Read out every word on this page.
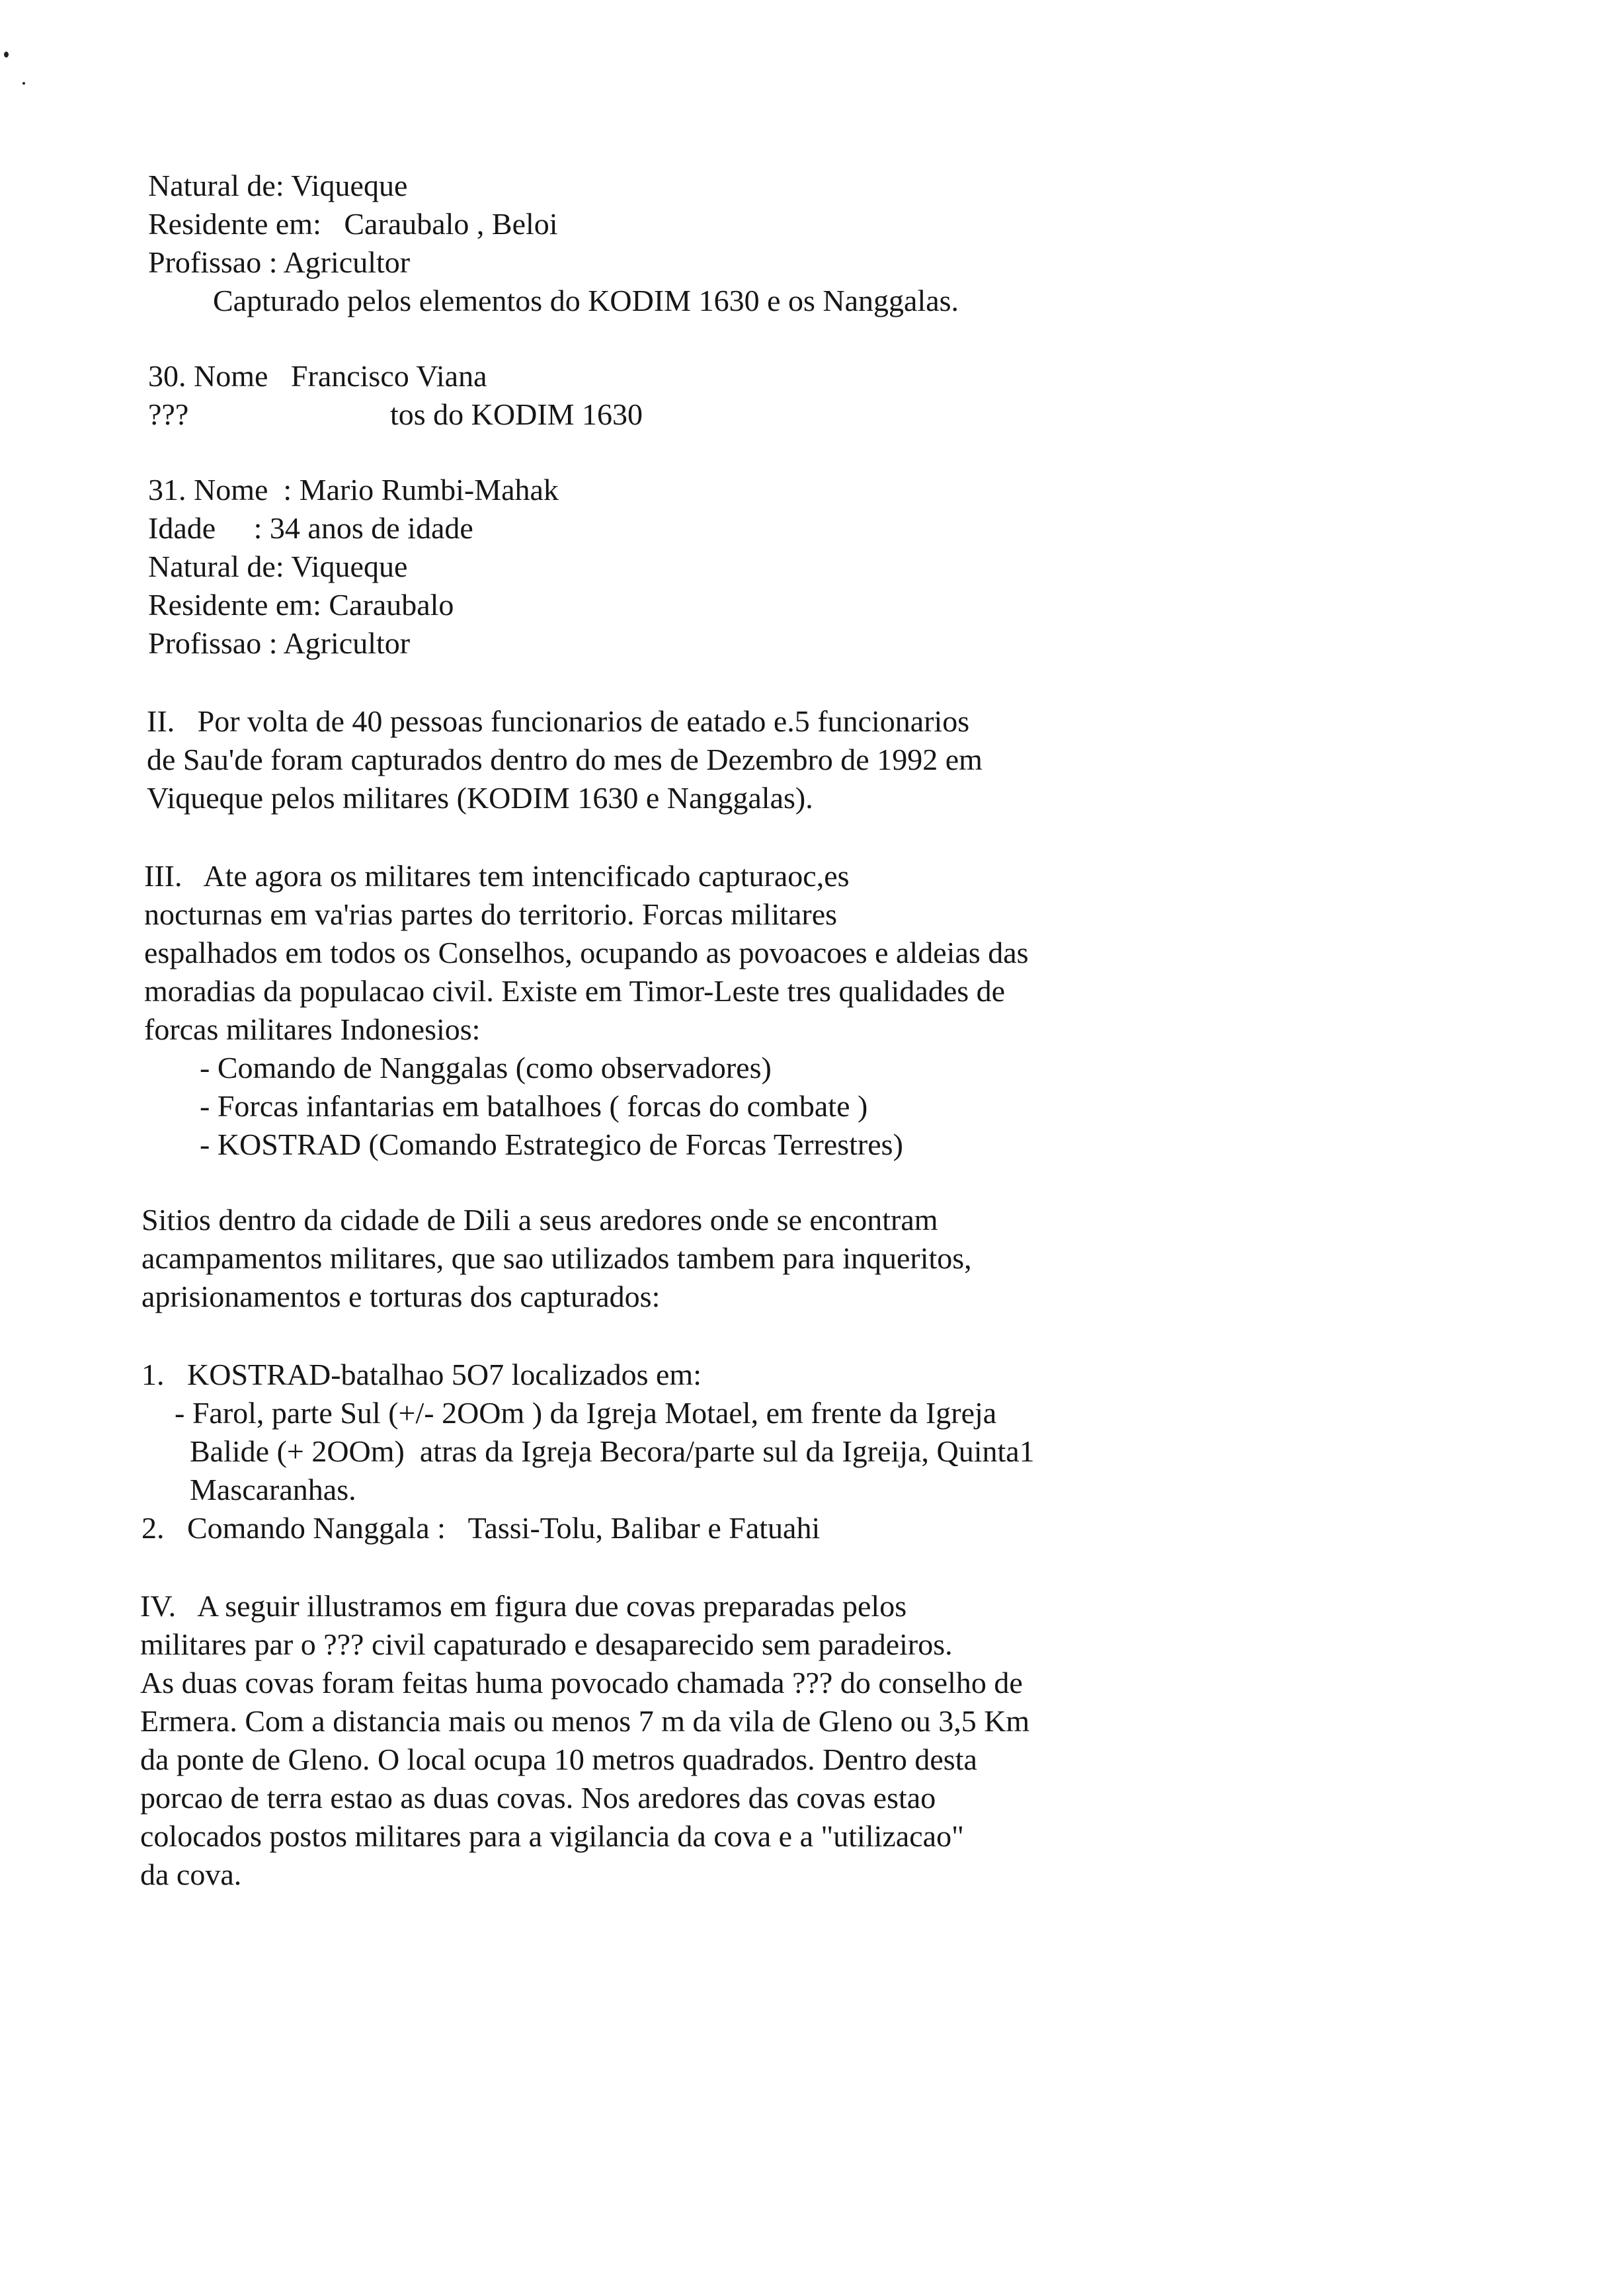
Natural de: Viqueque
Residente em:   Caraubalo , Beloi
Profissao : Agricultor
Capturado pelos elementos do KODIM 1630 e os Nanggalas.
30. Nome   Francisco Viana
???	tos do KODIM 1630
31. Nome  : Mario Rumbi-Mahak
Idade     : 34 anos de idade
Natural de: Viqueque
Residente em: Caraubalo
Profissao : Agricultor
II.   Por volta de 40 pessoas funcionarios de eatado e.5 funcionarios
de Sau'de foram capturados dentro do mes de Dezembro de 1992 em
Viqueque pelos militares (KODIM 1630 e Nanggalas).
III.   Ate agora os militares tem intencificado capturaoc,es
nocturnas em va'rias partes do territorio. Forcas militares
espalhados em todos os Conselhos, ocupando as povoacoes e aldeias das
moradias da populacao civil. Existe em Timor-Leste tres qualidades de
forcas militares Indonesios:
- Comando de Nanggalas (como observadores)
- Forcas infantarias em batalhoes ( forcas do combate )
- KOSTRAD (Comando Estrategico de Forcas Terrestres)
Sitios dentro da cidade de Dili a seus aredores onde se encontram
acampamentos militares, que sao utilizados tambem para inqueritos,
aprisionamentos e torturas dos capturados:
1.   KOSTRAD-batalhao 5O7 localizados em:
- Farol, parte Sul (+/- 2OOm ) da Igreja Motael, em frente da Igreja
Balide (+ 2OOm)  atras da Igreja Becora/parte sul da Igreija, Quinta1
Mascaranhas.
2.   Comando Nanggala :   Tassi-Tolu, Balibar e Fatuahi
IV.   A seguir illustramos em figura due covas preparadas pelos
militares par o ??? civil capaturado e desaparecido sem paradeiros.
As duas covas foram feitas huma povocado chamada ??? do conselho de
Ermera. Com a distancia mais ou menos 7 m da vila de Gleno ou 3,5 Km
da ponte de Gleno. O local ocupa 10 metros quadrados. Dentro desta
porcao de terra estao as duas covas. Nos aredores das covas estao
colocados postos militares para a vigilancia da cova e a "utilizacao"
da cova.
